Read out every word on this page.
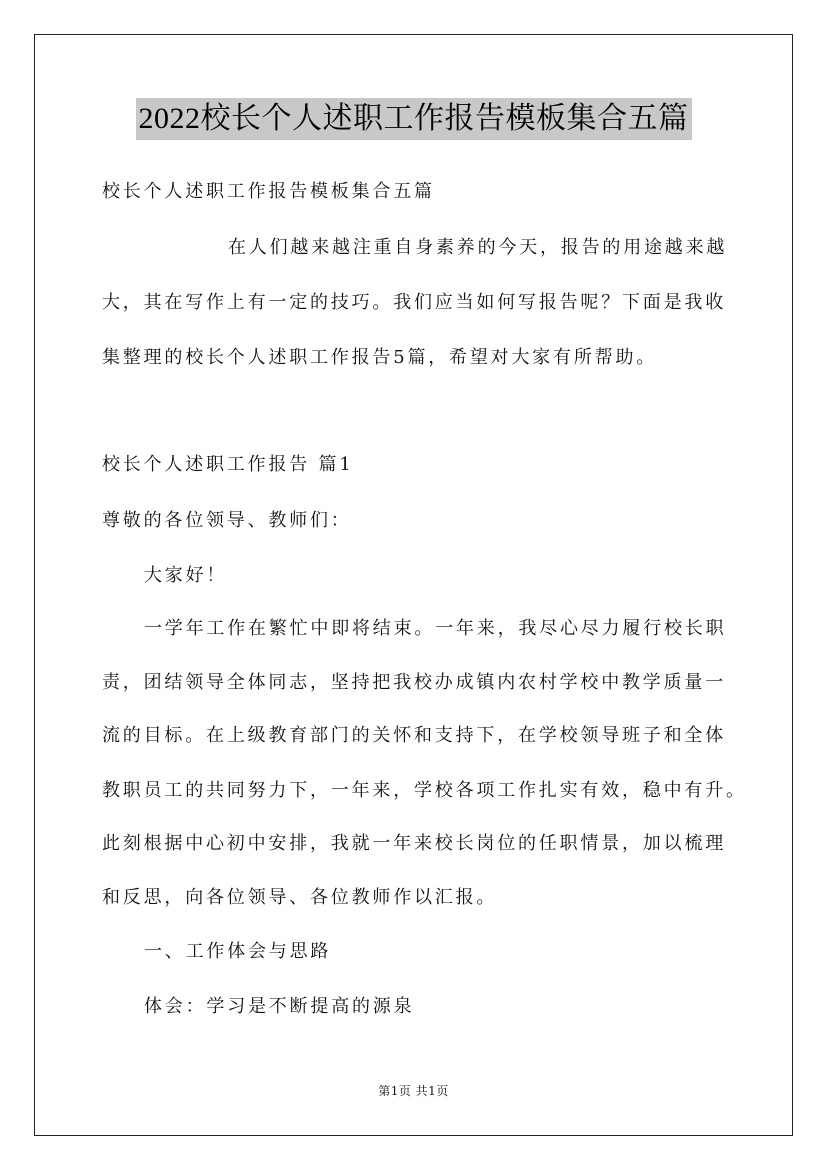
2022校长个人述职工作报告模板集合五篇
校长个人述职工作报告模板集合五篇
在人们越来越注重自身素养的今天，报告的用途越来越
大，其在写作上有一定的技巧。我们应当如何写报告呢？下面是我收
集整理的校长个人述职工作报告5篇，希望对大家有所帮助。
校长个人述职工作报告 篇1
尊敬的各位领导、教师们：
大家好！
一学年工作在繁忙中即将结束。一年来，我尽心尽力履行校长职
责，团结领导全体同志，坚持把我校办成镇内农村学校中教学质量一
流的目标。在上级教育部门的关怀和支持下，在学校领导班子和全体
教职员工的共同努力下，一年来，学校各项工作扎实有效，稳中有升。
此刻根据中心初中安排，我就一年来校长岗位的任职情景，加以梳理
和反思，向各位领导、各位教师作以汇报。
一、工作体会与思路
体会：学习是不断提高的源泉
第1页 共1页
